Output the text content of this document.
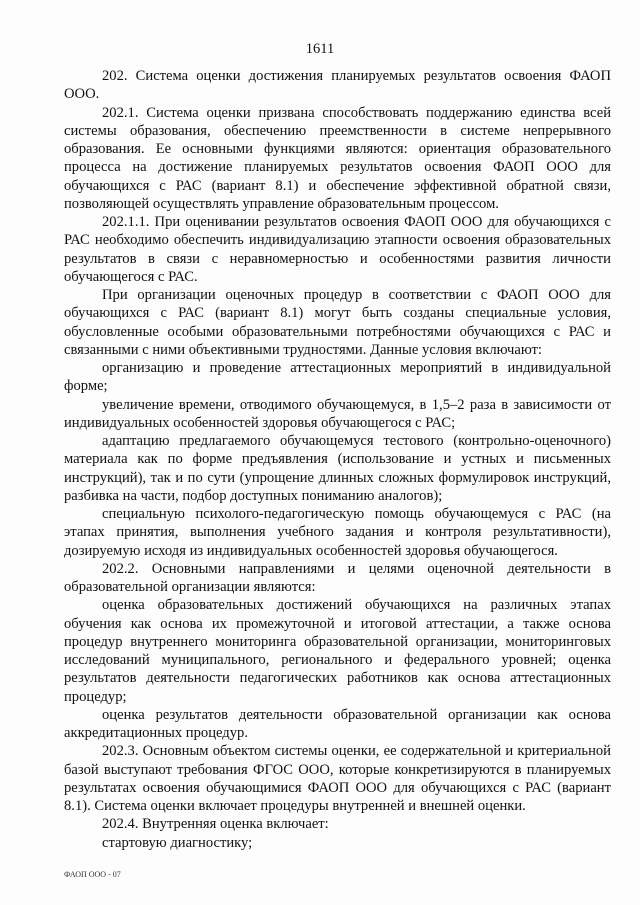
1611

202. Система оценки достижения планируемых результатов освоения ФАОП ООО.

202.1. Система оценки призвана способствовать поддержанию единства всей системы образования, обеспечению преемственности в системе непрерывного образования. Ее основными функциями являются: ориентация образовательного процесса на достижение планируемых результатов освоения ФАОП ООО для обучающихся с РАС (вариант 8.1) и обеспечение эффективной обратной связи, позволяющей осуществлять управление образовательным процессом.

202.1.1. При оценивании результатов освоения ФАОП ООО для обучающихся с РАС необходимо обеспечить индивидуализацию этапности освоения образовательных результатов в связи с неравномерностью и особенностями развития личности обучающегося с РАС.

При организации оценочных процедур в соответствии с ФАОП ООО для обучающихся с РАС (вариант 8.1) могут быть созданы специальные условия, обусловленные особыми образовательными потребностями обучающихся с РАС и связанными с ними объективными трудностями. Данные условия включают:

организацию и проведение аттестационных мероприятий в индивидуальной форме;

увеличение времени, отводимого обучающемуся, в 1,5–2 раза в зависимости от индивидуальных особенностей здоровья обучающегося с РАС;

адаптацию предлагаемого обучающемуся тестового (контрольно-оценочного) материала как по форме предъявления (использование и устных и письменных инструкций), так и по сути (упрощение длинных сложных формулировок инструкций, разбивка на части, подбор доступных пониманию аналогов);

специальную психолого-педагогическую помощь обучающемуся с РАС (на этапах принятия, выполнения учебного задания и контроля результативности), дозируемую исходя из индивидуальных особенностей здоровья обучающегося.

202.2. Основными направлениями и целями оценочной деятельности в образовательной организации являются:

оценка образовательных достижений обучающихся на различных этапах обучения как основа их промежуточной и итоговой аттестации, а также основа процедур внутреннего мониторинга образовательной организации, мониторинговых исследований муниципального, регионального и федерального уровней; оценка результатов деятельности педагогических работников как основа аттестационных процедур;

оценка результатов деятельности образовательной организации как основа аккредитационных процедур.

202.3. Основным объектом системы оценки, ее содержательной и критериальной базой выступают требования ФГОС ООО, которые конкретизируются в планируемых результатах освоения обучающимися ФАОП ООО для обучающихся с РАС (вариант 8.1). Система оценки включает процедуры внутренней и внешней оценки.

202.4. Внутренняя оценка включает:

стартовую диагностику;

ФАОП ООО - 07
